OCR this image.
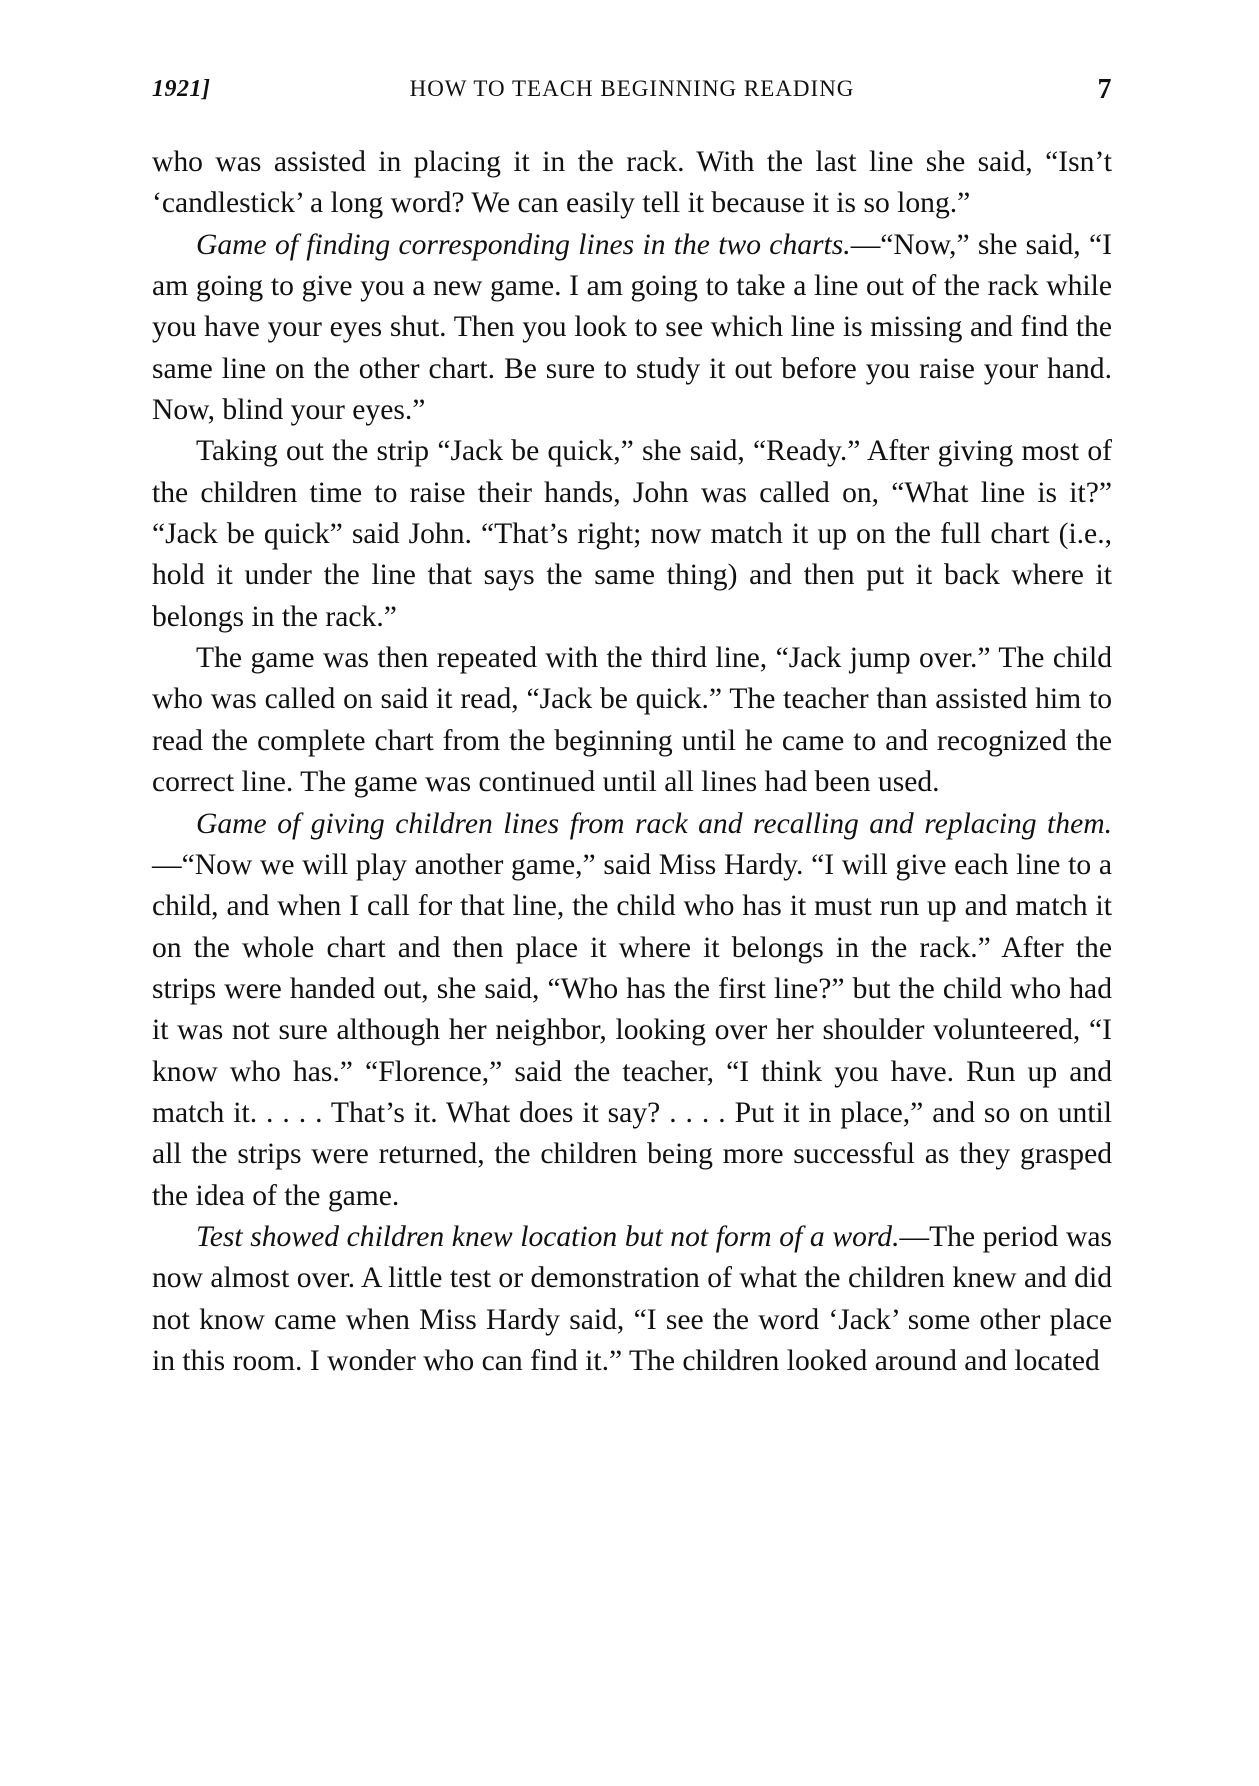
1921]	HOW TO TEACH BEGINNING READING	7

who was assisted in placing it in the rack. With the last line she said, “Isn’t ‘candlestick’ a long word? We can easily tell it because it is so long.”

Game of finding corresponding lines in the two charts.—“Now,” she said, “I am going to give you a new game. I am going to take a line out of the rack while you have your eyes shut. Then you look to see which line is missing and find the same line on the other chart. Be sure to study it out before you raise your hand. Now, blind your eyes.”

Taking out the strip “Jack be quick,” she said, “Ready.” After giving most of the children time to raise their hands, John was called on, “What line is it?” “Jack be quick” said John. “That’s right; now match it up on the full chart (i.e., hold it under the line that says the same thing) and then put it back where it belongs in the rack.”

The game was then repeated with the third line, “Jack jump over.” The child who was called on said it read, “Jack be quick.” The teacher than assisted him to read the complete chart from the beginning until he came to and recognized the correct line. The game was continued until all lines had been used.

Game of giving children lines from rack and recalling and replacing them.—“Now we will play another game,” said Miss Hardy. “I will give each line to a child, and when I call for that line, the child who has it must run up and match it on the whole chart and then place it where it belongs in the rack.” After the strips were handed out, she said, “Who has the first line?” but the child who had it was not sure although her neighbor, looking over her shoulder volunteered, “I know who has.” “Florence,” said the teacher, “I think you have. Run up and match it. . . . . That’s it. What does it say? . . . . Put it in place,” and so on until all the strips were returned, the children being more successful as they grasped the idea of the game.

Test showed children knew location but not form of a word.—The period was now almost over. A little test or demonstration of what the children knew and did not know came when Miss Hardy said, “I see the word ‘Jack’ some other place in this room. I wonder who can find it.” The children looked around and located
